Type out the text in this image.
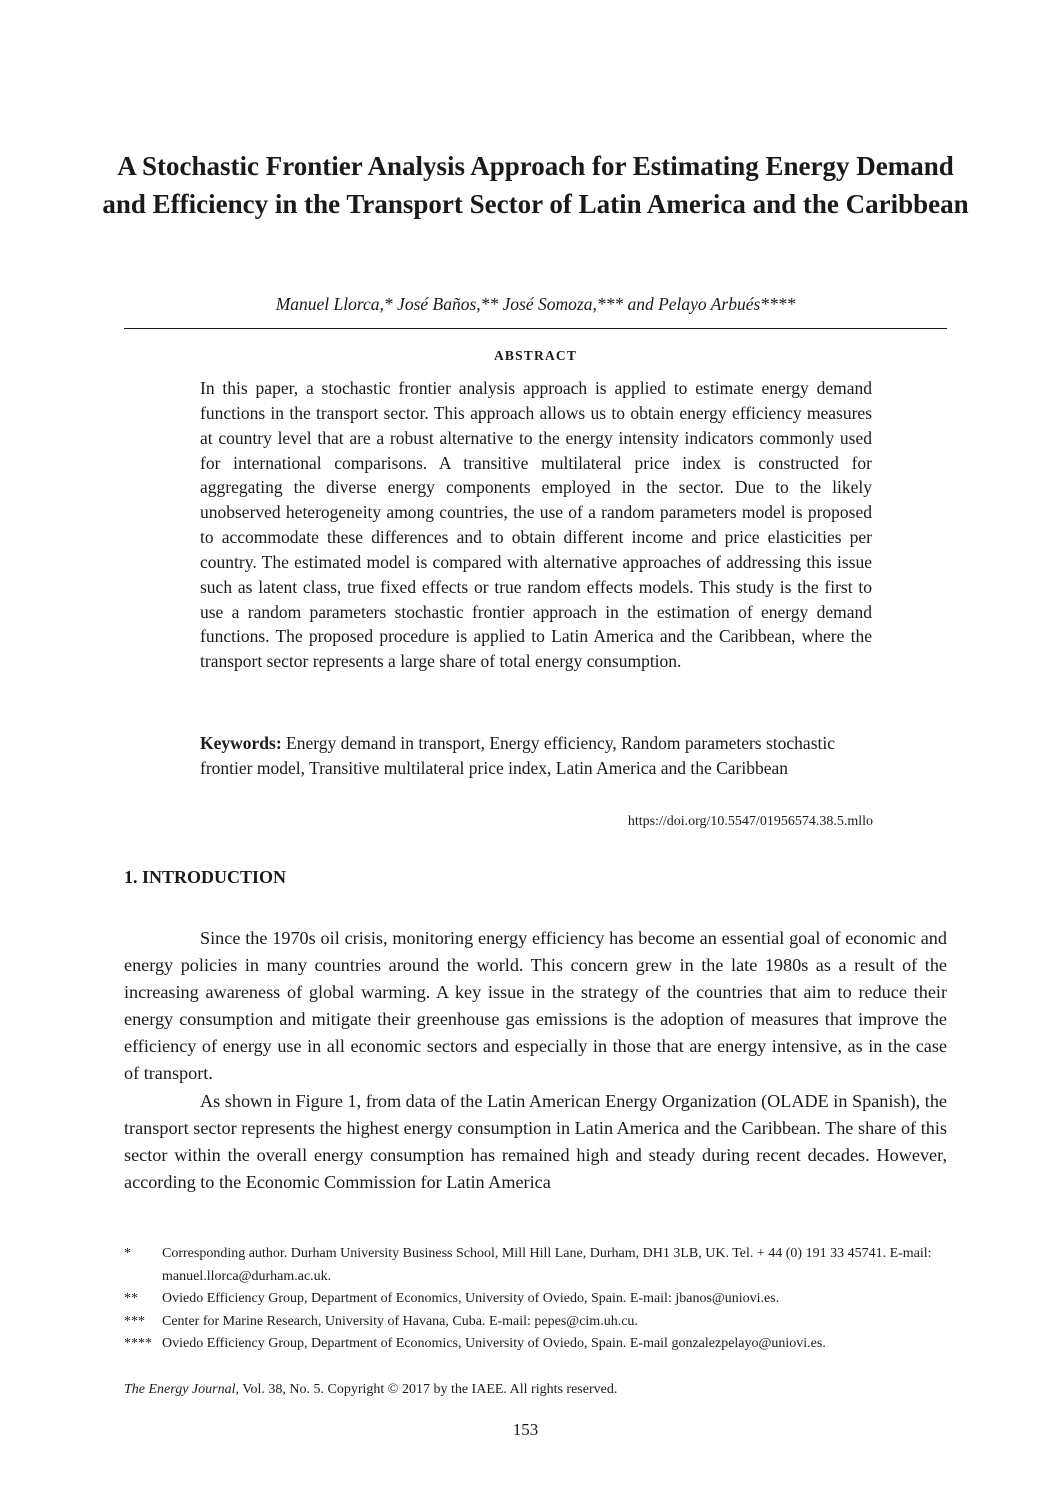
A Stochastic Frontier Analysis Approach for Estimating Energy Demand and Efficiency in the Transport Sector of Latin America and the Caribbean
Manuel Llorca,* José Baños,** José Somoza,*** and Pelayo Arbués****
ABSTRACT

In this paper, a stochastic frontier analysis approach is applied to estimate energy demand functions in the transport sector. This approach allows us to obtain energy efficiency measures at country level that are a robust alternative to the energy intensity indicators commonly used for international comparisons. A transitive multilateral price index is constructed for aggregating the diverse energy components employed in the sector. Due to the likely unobserved heterogeneity among countries, the use of a random parameters model is proposed to accommodate these differences and to obtain different income and price elasticities per country. The estimated model is compared with alternative approaches of addressing this issue such as latent class, true fixed effects or true random effects models. This study is the first to use a random parameters stochastic frontier approach in the estimation of energy demand functions. The proposed procedure is applied to Latin America and the Caribbean, where the transport sector represents a large share of total energy consumption.

Keywords: Energy demand in transport, Energy efficiency, Random parameters stochastic frontier model, Transitive multilateral price index, Latin America and the Caribbean

https://doi.org/10.5547/01956574.38.5.mllo
1. INTRODUCTION

Since the 1970s oil crisis, monitoring energy efficiency has become an essential goal of economic and energy policies in many countries around the world. This concern grew in the late 1980s as a result of the increasing awareness of global warming. A key issue in the strategy of the countries that aim to reduce their energy consumption and mitigate their greenhouse gas emissions is the adoption of measures that improve the efficiency of energy use in all economic sectors and especially in those that are energy intensive, as in the case of transport.

As shown in Figure 1, from data of the Latin American Energy Organization (OLADE in Spanish), the transport sector represents the highest energy consumption in Latin America and the Caribbean. The share of this sector within the overall energy consumption has remained high and steady during recent decades. However, according to the Economic Commission for Latin America

*	Corresponding author. Durham University Business School, Mill Hill Lane, Durham, DH1 3LB, UK. Tel. + 44 (0) 191 33 45741. E-mail: manuel.llorca@durham.ac.uk.
**	Oviedo Efficiency Group, Department of Economics, University of Oviedo, Spain. E-mail: jbanos@uniovi.es.
***	Center for Marine Research, University of Havana, Cuba. E-mail: pepes@cim.uh.cu.
**** Oviedo Efficiency Group, Department of Economics, University of Oviedo, Spain. E-mail gonzalezpelayo@uniovi.es.
The Energy Journal, Vol. 38, No. 5. Copyright © 2017 by the IAEE. All rights reserved.
153
